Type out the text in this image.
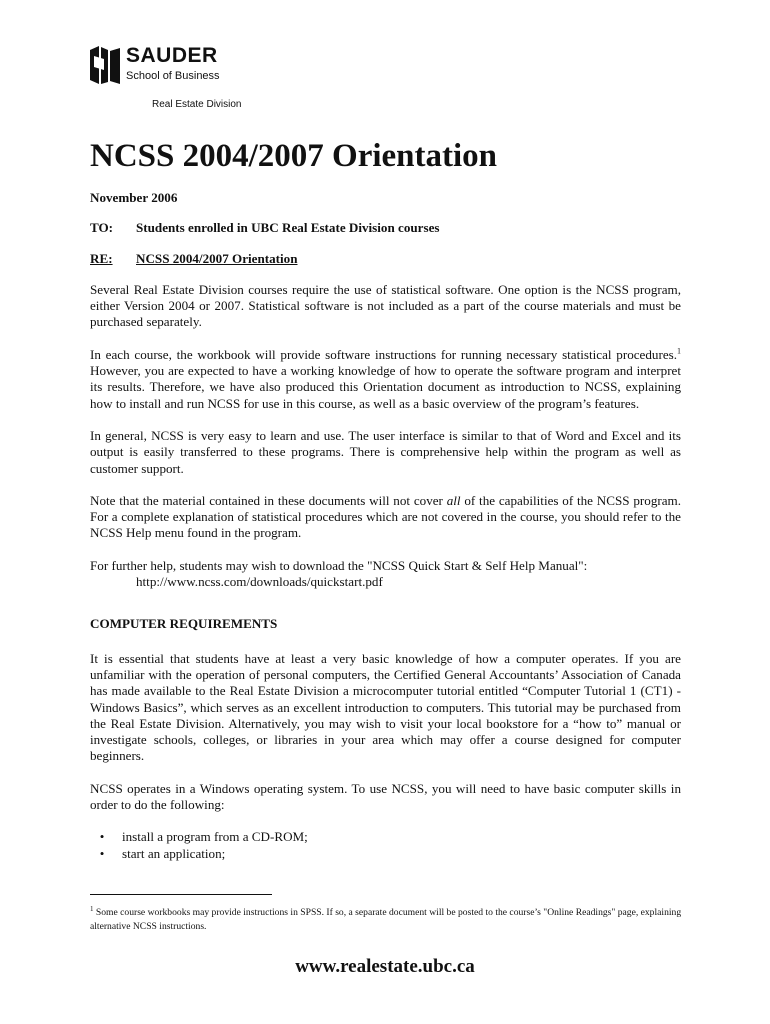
SAUDER
School of Business
Real Estate Division
NCSS 2004/2007 Orientation

November 2006

TO:	Students enrolled in UBC Real Estate Division courses
RE:	NCSS 2004/2007 Orientation

Several Real Estate Division courses require the use of statistical software. One option is the NCSS program, either Version 2004 or 2007. Statistical software is not included as a part of the course materials and must be purchased separately.

In each course, the workbook will provide software instructions for running necessary statistical procedures.$^1$ However, you are expected to have a working knowledge of how to operate the software program and interpret its results. Therefore, we have also produced this Orientation document as introduction to NCSS, explaining how to install and run NCSS for use in this course, as well as a basic overview of the program’s features.

In general, NCSS is very easy to learn and use. The user interface is similar to that of Word and Excel and its output is easily transferred to these programs. There is comprehensive help within the program as well as customer support.

Note that the material contained in these documents will not cover all of the capabilities of the NCSS program. For a complete explanation of statistical procedures which are not covered in the course, you should refer to the NCSS Help menu found in the program.

For further help, students may wish to download the "NCSS Quick Start & Self Help Manual":
http://www.ncss.com/downloads/quickstart.pdf

COMPUTER REQUIREMENTS

It is essential that students have at least a very basic knowledge of how a computer operates. If you are unfamiliar with the operation of personal computers, the Certified General Accountants’ Association of Canada has made available to the Real Estate Division a microcomputer tutorial entitled “Computer Tutorial 1 (CT1) - Windows Basics”, which serves as an excellent introduction to computers. This tutorial may be purchased from the Real Estate Division. Alternatively, you may wish to visit your local bookstore for a “how to” manual or investigate schools, colleges, or libraries in your area which may offer a course designed for computer beginners.

NCSS operates in a Windows operating system. To use NCSS, you will need to have basic computer skills in order to do the following:

•	install a program from a CD-ROM;
•	start an application;
$^1$ Some course workbooks may provide instructions in SPSS. If so, a separate document will be posted to the course’s "Online Readings" page, explaining alternative NCSS instructions.
www.realestate.ubc.ca
